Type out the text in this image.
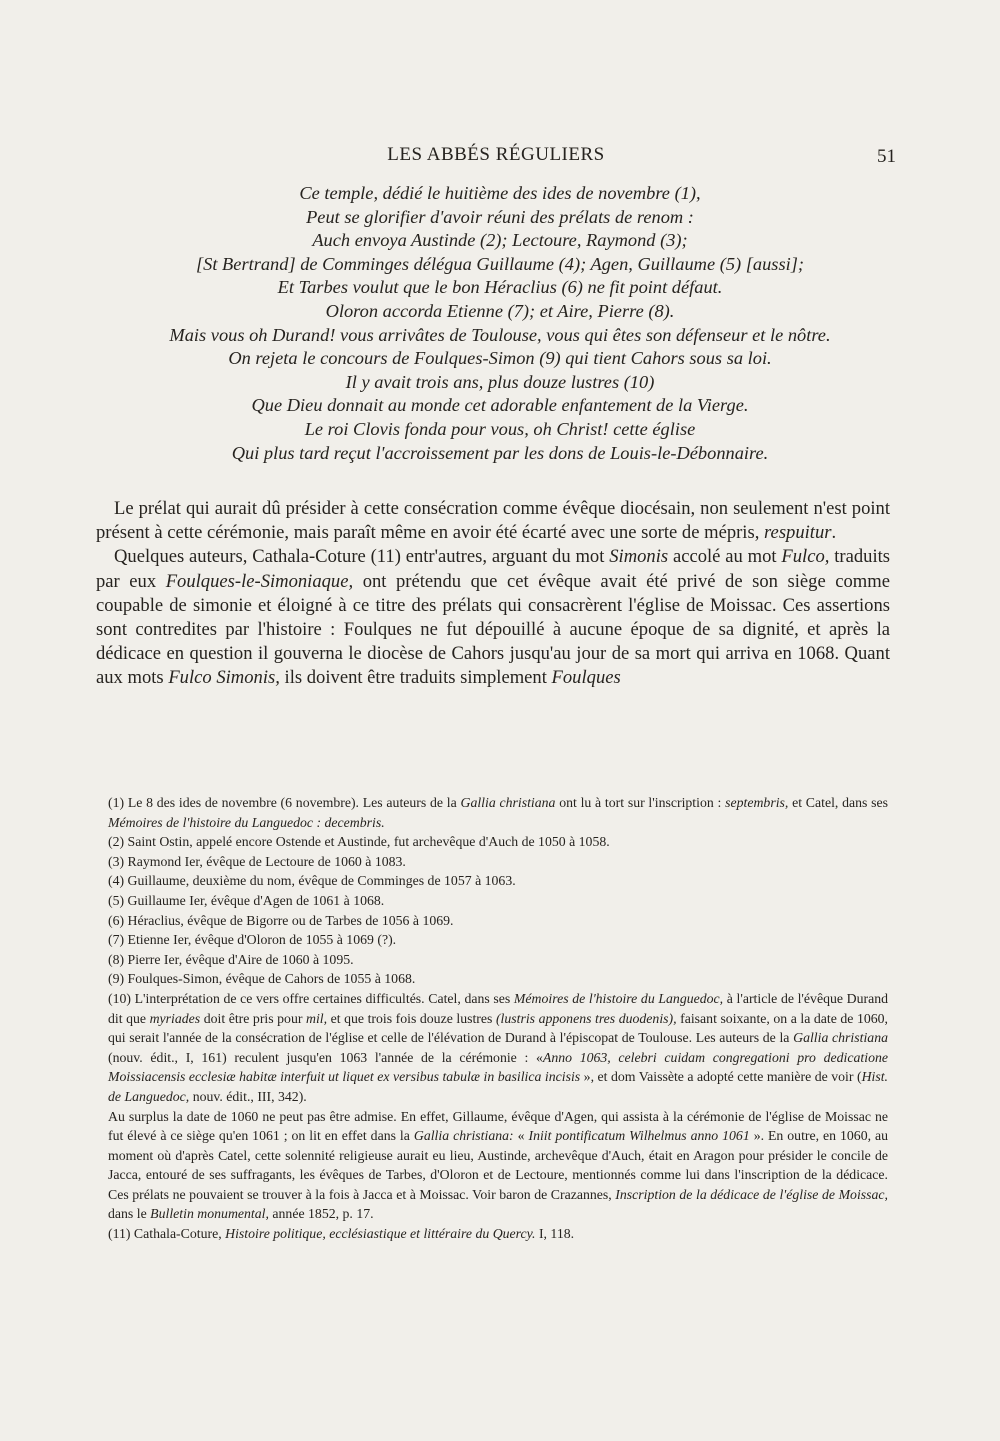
LES ABBÉS RÉGULIERS	51
Ce temple, dédié le huitième des ides de novembre (1),
Peut se glorifier d'avoir réuni des prélats de renom :
Auch envoya Austinde (2); Lectoure, Raymond (3);
[St Bertrand] de Comminges délégua Guillaume (4); Agen, Guillaume (5) [aussi];
Et Tarbes voulut que le bon Héraclius (6) ne fit point défaut.
Oloron accorda Etienne (7); et Aire, Pierre (8).
Mais vous oh Durand! vous arrivâtes de Toulouse, vous qui êtes son défenseur et le nôtre.
On rejeta le concours de Foulques-Simon (9) qui tient Cahors sous sa loi.
Il y avait trois ans, plus douze lustres (10)
Que Dieu donnait au monde cet adorable enfantement de la Vierge.
Le roi Clovis fonda pour vous, oh Christ! cette église
Qui plus tard reçut l'accroissement par les dons de Louis-le-Débonnaire.

Le prélat qui aurait dû présider à cette consécration comme évêque diocésain, non seulement n'est point présent à cette cérémonie, mais paraît même en avoir été écarté avec une sorte de mépris, respuitur.

Quelques auteurs, Cathala-Coture (11) entr'autres, arguant du mot Simonis accolé au mot Fulco, traduits par eux Foulques-le-Simoniaque, ont prétendu que cet évêque avait été privé de son siège comme coupable de simonie et éloigné à ce titre des prélats qui consacrèrent l'église de Moissac. Ces assertions sont contredites par l'histoire : Foulques ne fut dépouillé à aucune époque de sa dignité, et après la dédicace en question il gouverna le diocèse de Cahors jusqu'au jour de sa mort qui arriva en 1068. Quant aux mots Fulco Simonis, ils doivent être traduits simplement Foulques

(1) Le 8 des ides de novembre (6 novembre). Les auteurs de la Gallia christiana ont lu à tort sur l'inscription : septembris, et Catel, dans ses Mémoires de l'histoire du Languedoc : decembris.

(2) Saint Ostin, appelé encore Ostende et Austinde, fut archevêque d'Auch de 1050 à 1058.

(3) Raymond Ier, évêque de Lectoure de 1060 à 1083.

(4) Guillaume, deuxième du nom, évêque de Comminges de 1057 à 1063.

(5) Guillaume Ier, évêque d'Agen de 1061 à 1068.

(6) Héraclius, évêque de Bigorre ou de Tarbes de 1056 à 1069.

(7) Etienne Ier, évêque d'Oloron de 1055 à 1069 (?).

(8) Pierre Ier, évêque d'Aire de 1060 à 1095.

(9) Foulques-Simon, évêque de Cahors de 1055 à 1068.

(10) L'interprétation de ce vers offre certaines difficultés. Catel, dans ses Mémoires de l'histoire du Languedoc, à l'article de l'évêque Durand dit que myriades doit être pris pour mil, et que trois fois douze lustres (lustris apponens tres duodenis), faisant soixante, on a la date de 1060, qui serait l'année de la consécration de l'église et celle de l'élévation de Durand à l'épiscopat de Toulouse. Les auteurs de la Gallia christiana (nouv. édit., I, 161) reculent jusqu'en 1063 l'année de la cérémonie : «Anno 1063, celebri cuidam congregationi pro dedicatione Moissiacensis ecclesiæ habitæ interfuit ut liquet ex versibus tabulæ in basilica incisis », et dom Vaissète a adopté cette manière de voir (Hist. de Languedoc, nouv. édit., III, 342).

Au surplus la date de 1060 ne peut pas être admise. En effet, Gillaume, évêque d'Agen, qui assista à la cérémonie de l'église de Moissac ne fut élevé à ce siège qu'en 1061 ; on lit en effet dans la Gallia christiana: « Iniit pontificatum Wilhelmus anno 1061 ». En outre, en 1060, au moment où d'après Catel, cette solennité religieuse aurait eu lieu, Austinde, archevêque d'Auch, était en Aragon pour présider le concile de Jacca, entouré de ses suffragants, les évêques de Tarbes, d'Oloron et de Lectoure, mentionnés comme lui dans l'inscription de la dédicace. Ces prélats ne pouvaient se trouver à la fois à Jacca et à Moissac. Voir baron de Crazannes, Inscription de la dédicace de l'église de Moissac, dans le Bulletin monumental, année 1852, p. 17.

(11) Cathala-Coture, Histoire politique, ecclésiastique et littéraire du Quercy. I, 118.
